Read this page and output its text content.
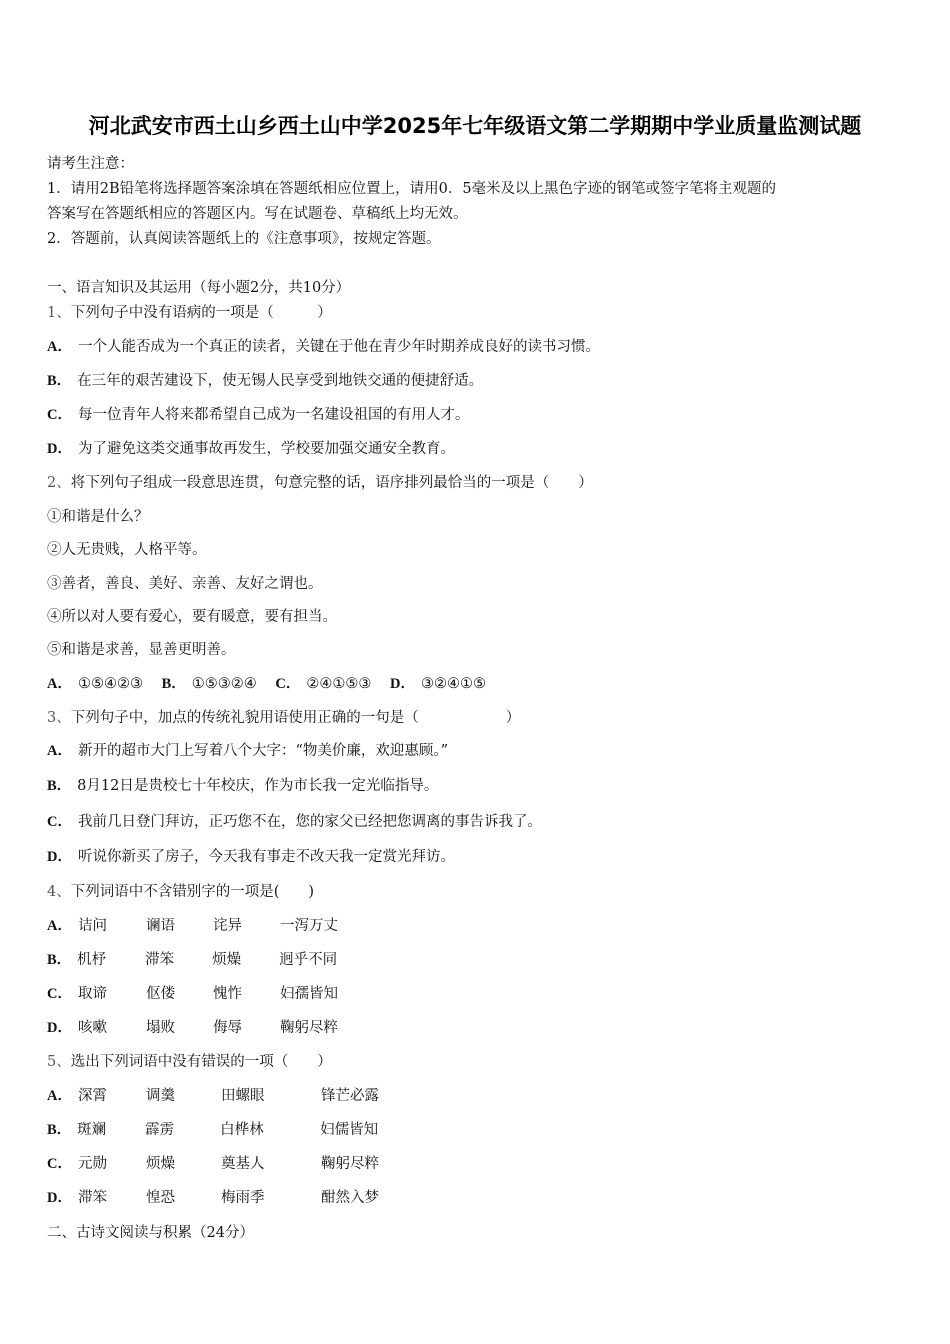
河北武安市西土山乡西土山中学2025年七年级语文第二学期期中学业质量监测试题
请考生注意：
1．请用2B铅笔将选择题答案涂填在答题纸相应位置上，请用0．5毫米及以上黑色字迹的钢笔或签字笔将主观题的
答案写在答题纸相应的答题区内。写在试题卷、草稿纸上均无效。
2．答题前，认真阅读答题纸上的《注意事项》，按规定答题。
一、语言知识及其运用（每小题2分，共10分）
1、下列句子中没有语病的一项是（　　　）
A． 一个人能否成为一个真正的读者，关键在于他在青少年时期养成良好的读书习惯。
B． 在三年的艰苦建设下，使无锡人民享受到地铁交通的便捷舒适。
C． 每一位青年人将来都希望自己成为一名建设祖国的有用人才。
D． 为了避免这类交通事故再发生，学校要加强交通安全教育。
2、将下列句子组成一段意思连贯，句意完整的话，语序排列最恰当的一项是（　　）
①和谐是什么？
②人无贵贱，人格平等。
③善者，善良、美好、亲善、友好之谓也。
④所以对人要有爱心，要有暖意，要有担当。
⑤和谐是求善，显善更明善。
A． ①⑤④②③ B． ①⑤③②④ C． ②④①⑤③ D． ③②④①⑤
3、下列句子中，加点的传统礼貌用语使用正确的一句是（　　　　　　）
A． 新开的超市大门上写着八个大字：“物美价廉，欢迎惠顾。”
B． 8月12日是贵校七十年校庆，作为市长我一定光临指导。
C． 我前几日登门拜访，正巧您不在，您的家父已经把您调离的事告诉我了。
D． 听说你新买了房子，今天我有事走不改天我一定赏光拜访。
4、下列词语中不含错别字的一项是(　　)
A． 诘问	谰语	诧异	一泻万丈
B． 机杼	滞笨	烦燥	迥乎不同
C． 取谛	伛偻	愧怍	妇孺皆知
D． 咳嗽	塌败	侮辱	鞠躬尽粹
5、选出下列词语中没有错误的一项（　　）
A． 深霄	调羹	田螺眼	锋芒必露
B． 斑斓	霹雳	白桦林	妇儒皆知
C． 元勋	烦燥	奠基人	鞠躬尽粹
D． 滞笨	惶恐	梅雨季	酣然入梦
二、古诗文阅读与积累（24分）
